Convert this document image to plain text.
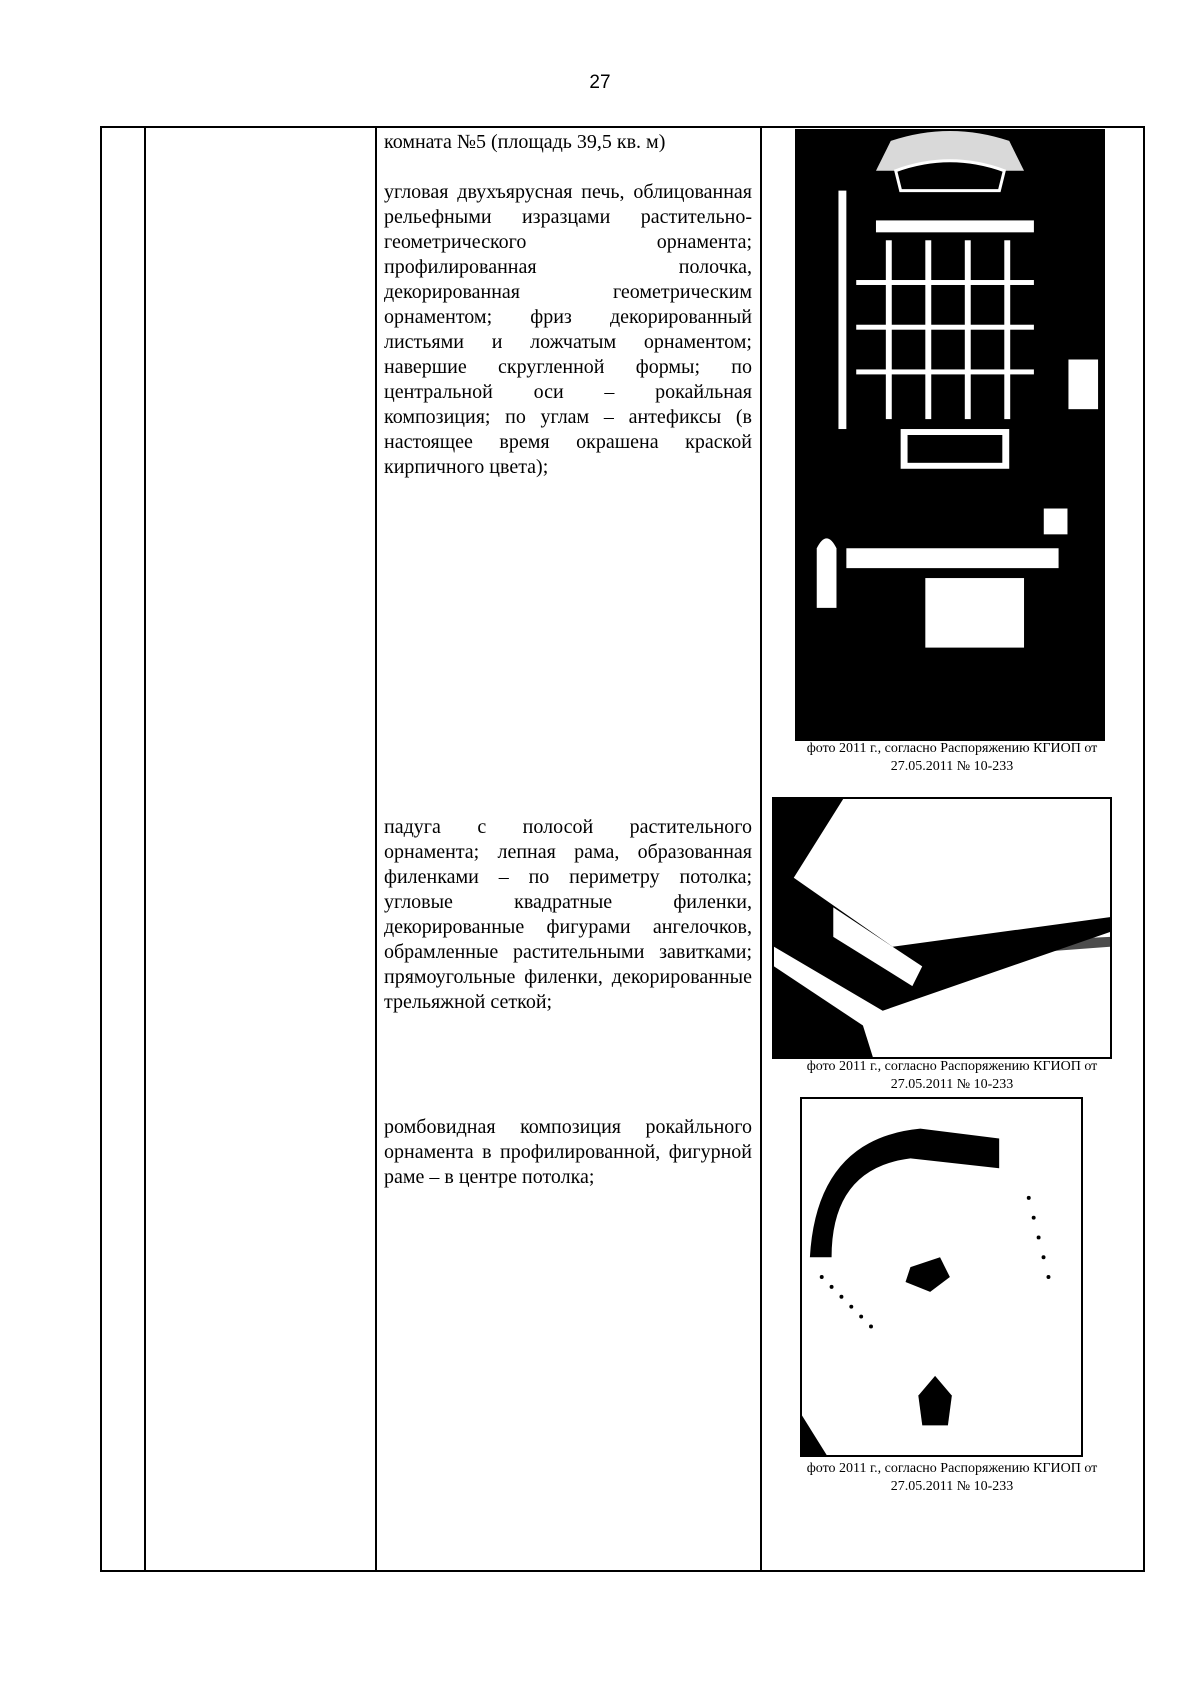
27

комната №5 (площадь 39,5 кв. м)

угловая двухъярусная печь, облицованная рельефными изразцами растительно-геометрического орнамента; профилированная полочка, декорированная геометрическим орнаментом; фриз декорированный листьями и ложчатым орнаментом; навершие скругленной формы; по центральной оси – рокайльная композиция; по углам – антефиксы (в настоящее время окрашена краской кирпичного цвета);

фото 2011 г., согласно Распоряжению КГИОП от
27.05.2011 № 10-233

падуга с полосой растительного орнамента; лепная рама, образованная филенками – по периметру потолка; угловые квадратные филенки, декорированные фигурами ангелочков, обрамленные растительными завитками; прямоугольные филенки, декорированные трельяжной сеткой;

фото 2011 г., согласно Распоряжению КГИОП от
27.05.2011 № 10-233

ромбовидная композиция рокайльного орнамента в профилированной, фигурной раме – в центре потолка;

фото 2011 г., согласно Распоряжению КГИОП от
27.05.2011 № 10-233
